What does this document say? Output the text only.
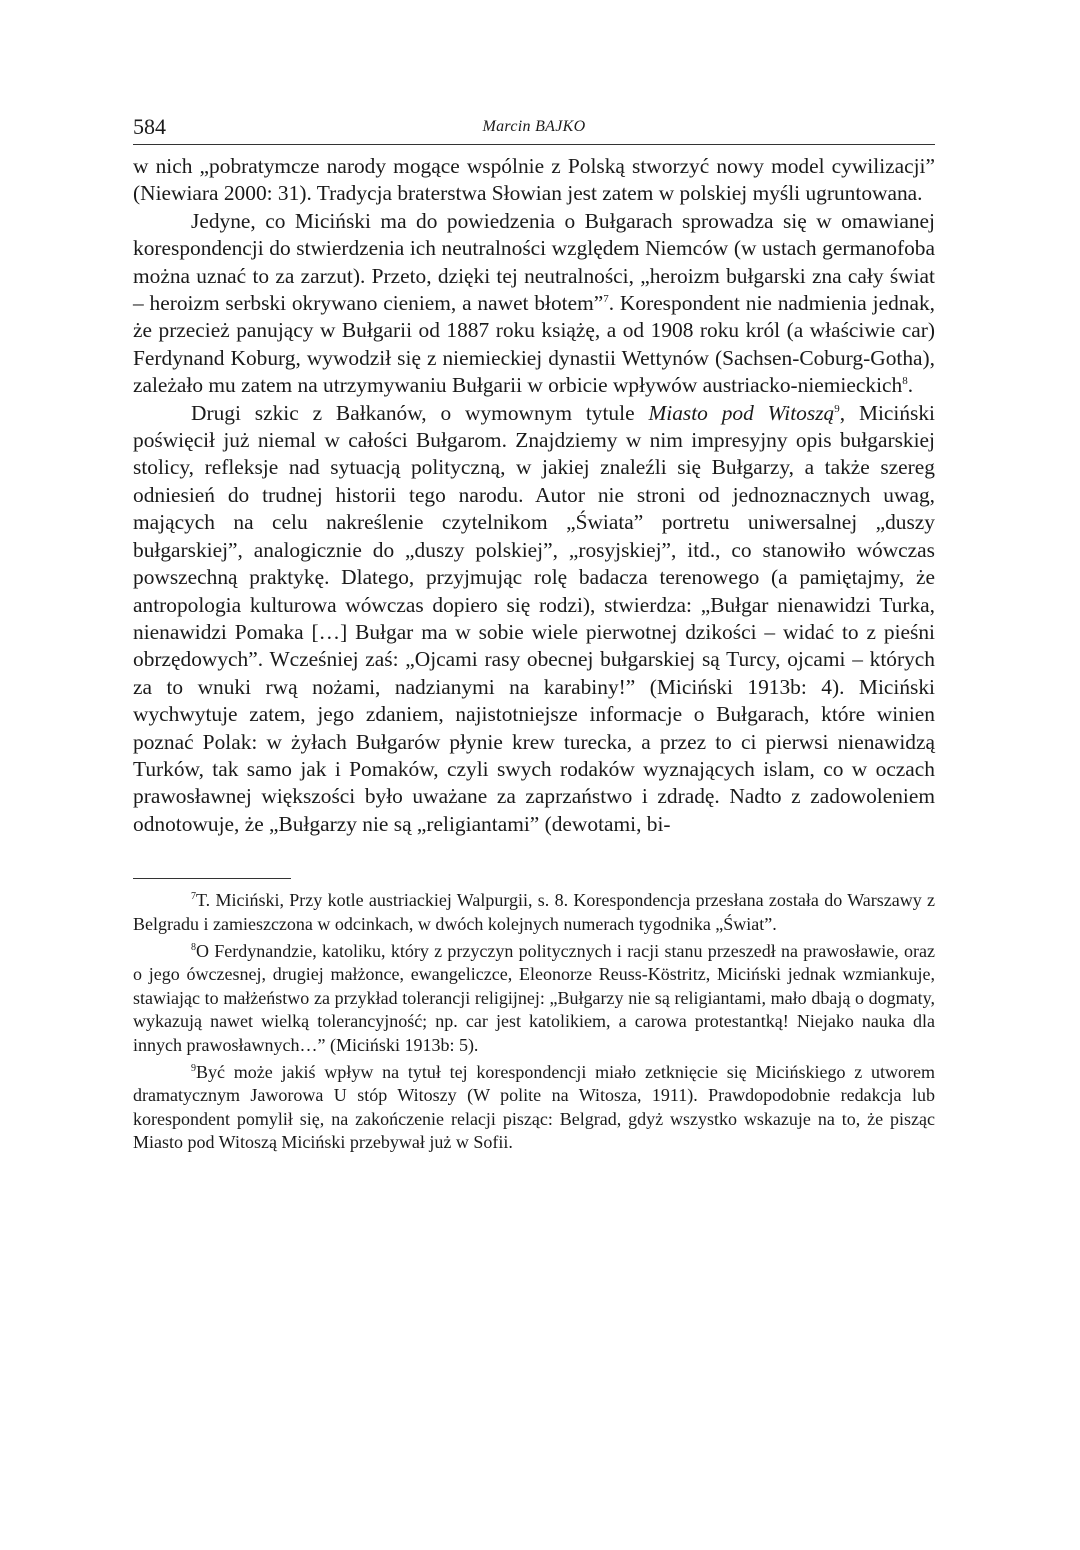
584	Marcin BAJKO

w nich „pobratymcze narody mogące wspólnie z Polską stworzyć nowy model cywilizacji” (Niewiara 2000: 31). Tradycja braterstwa Słowian jest zatem w polskiej myśli ugruntowana.

Jedyne, co Miciński ma do powiedzenia o Bułgarach sprowadza się w omawianej korespondencji do stwierdzenia ich neutralności względem Niemców (w ustach germanofoba można uznać to za zarzut). Przeto, dzięki tej neutralności, „heroizm bułgarski zna cały świat – heroizm serbski okrywano cieniem, a nawet błotem”$^7$. Korespondent nie nadmienia jednak, że przecież panujący w Bułgarii od 1887 roku książę, a od 1908 roku król (a właściwie car) Ferdynand Koburg, wywodził się z niemieckiej dynastii Wettynów (Sachsen-Coburg-Gotha), zależało mu zatem na utrzymywaniu Bułgarii w orbicie wpływów austriacko-niemieckich$^8$.

Drugi szkic z Bałkanów, o wymownym tytule Miasto pod Witoszą$^9$, Miciński poświęcił już niemal w całości Bułgarom. Znajdziemy w nim impresyjny opis bułgarskiej stolicy, refleksje nad sytuacją polityczną, w jakiej znaleźli się Bułgarzy, a także szereg odniesień do trudnej historii tego narodu. Autor nie stroni od jednoznacznych uwag, mających na celu nakreślenie czytelnikom „Świata” portretu uniwersalnej „duszy bułgarskiej”, analogicznie do „duszy polskiej”, „rosyjskiej”, itd., co stanowiło wówczas powszechną praktykę. Dlatego, przyjmując rolę badacza terenowego (a pamiętajmy, że antropologia kulturowa wówczas dopiero się rodzi), stwierdza: „Bułgar nienawidzi Turka, nienawidzi Pomaka […] Bułgar ma w sobie wiele pierwotnej dzikości – widać to z pieśni obrzędowych”. Wcześniej zaś: „Ojcami rasy obecnej bułgarskiej są Turcy, ojcami – których za to wnuki rwą nożami, nadzianymi na karabiny!” (Miciński 1913b: 4). Miciński wychwytuje zatem, jego zdaniem, najistotniejsze informacje o Bułgarach, które winien poznać Polak: w żyłach Bułgarów płynie krew turecka, a przez to ci pierwsi nienawidzą Turków, tak samo jak i Pomaków, czyli swych rodaków wyznających islam, co w oczach prawosławnej większości było uważane za zaprzaństwo i zdradę. Nadto z zadowoleniem odnotowuje, że „Bułgarzy nie są „religiantami” (dewotami, bi-

$^7$T. Miciński, Przy kotle austriackiej Walpurgii, s. 8. Korespondencja przesłana została do Warszawy z Belgradu i zamieszczona w odcinkach, w dwóch kolejnych numerach tygodnika „Świat”.

$^8$O Ferdynandzie, katoliku, który z przyczyn politycznych i racji stanu przeszedł na prawosławie, oraz o jego ówczesnej, drugiej małżonce, ewangeliczce, Eleonorze Reuss-Köstritz, Miciński jednak wzmiankuje, stawiając to małżeństwo za przykład tolerancji religijnej: „Bułgarzy nie są religiantami, mało dbają o dogmaty, wykazują nawet wielką tolerancyjność; np. car jest katolikiem, a carowa protestantką! Niejako nauka dla innych prawosławnych…” (Miciński 1913b: 5).

$^9$Być może jakiś wpływ na tytuł tej korespondencji miało zetknięcie się Micińskiego z utworem dramatycznym Jaworowa U stóp Witoszy (W polite na Witosza, 1911). Prawdopodobnie redakcja lub korespondent pomylił się, na zakończenie relacji pisząc: Belgrad, gdyż wszystko wskazuje na to, że pisząc Miasto pod Witoszą Miciński przebywał już w Sofii.
